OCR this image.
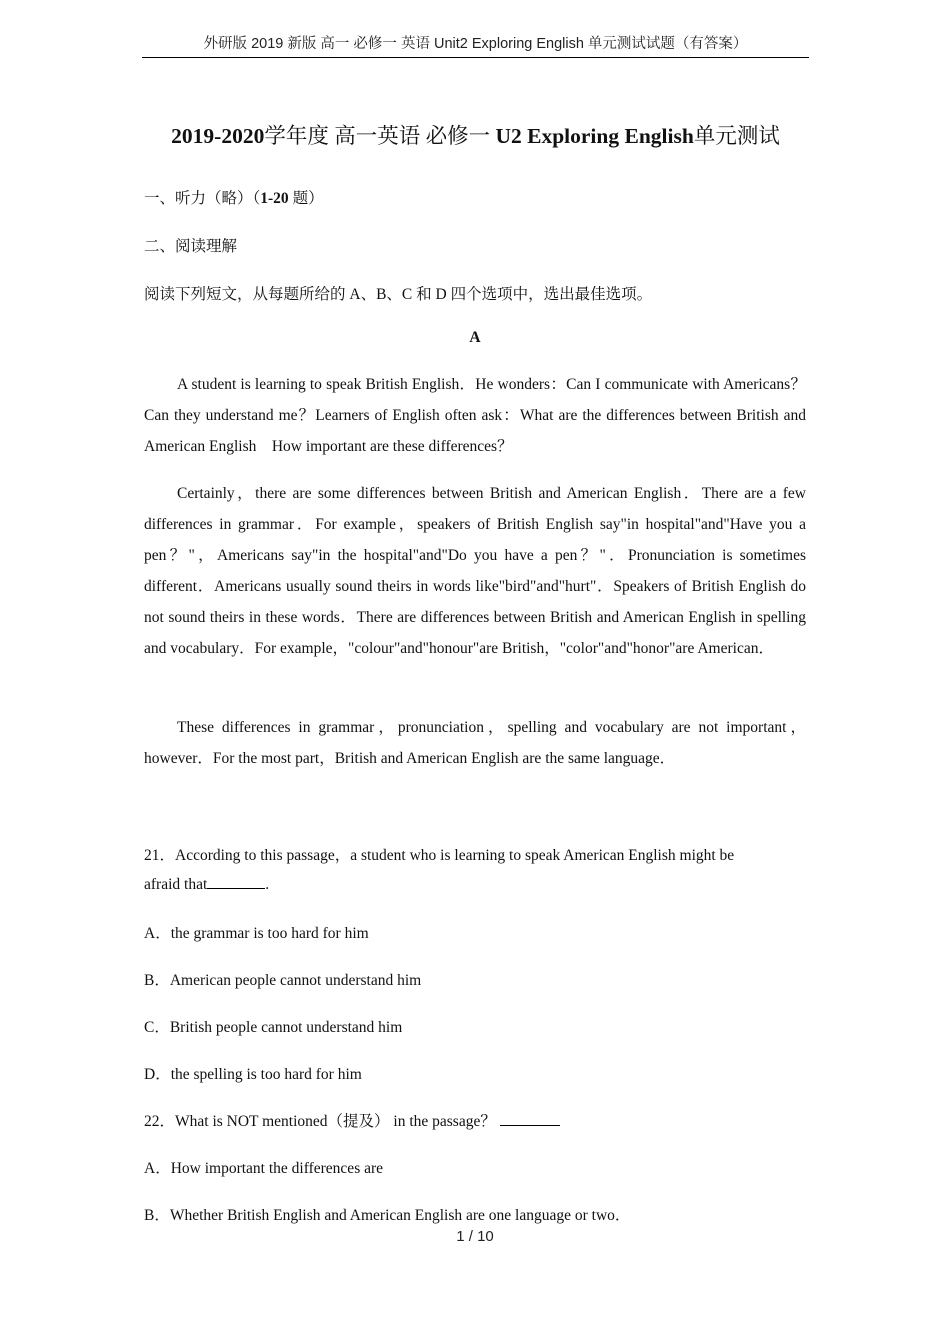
外研版 2019 新版 高一 必修一 英语 Unit2 Exploring English 单元测试试题（有答案）
2019-2020学年度 高一英语 必修一 U2 Exploring English单元测试
一、听力（略）（1-20 题）
二、阅读理解
阅读下列短文，从每题所给的 A、B、C 和 D 四个选项中，选出最佳选项。
A
A student is learning to speak British English．He wonders：Can I communicate with Americans？Can they understand me？Learners of English often ask：What are the differences between British and American English　How important are these differences？
Certainly，there are some differences between British and American English．There are a few differences in grammar．For example，speakers of British English say"in hospital"and"Have you a pen？"，Americans say"in the hospital"and"Do you have a pen？"．Pronunciation is sometimes different．Americans usually sound theirs in words like"bird"and"hurt"．Speakers of British English do not sound theirs in these words．There are differences between British and American English in spelling and vocabulary．For example，"colour"and"honour"are British，"color"and"honor"are American．
These differences in grammar，pronunciation，spelling and vocabulary are not important，however．For the most part，British and American English are the same language．
21．According to this passage，a student who is learning to speak American English might be
afraid that	.
A．the grammar is too hard for him
B．American people cannot understand him
C．British people cannot understand him
D．the spelling is too hard for him
22．What is NOT mentioned（提及） in the passage？
A．How important the differences are
B．Whether British English and American English are one language or two．
1 / 10
